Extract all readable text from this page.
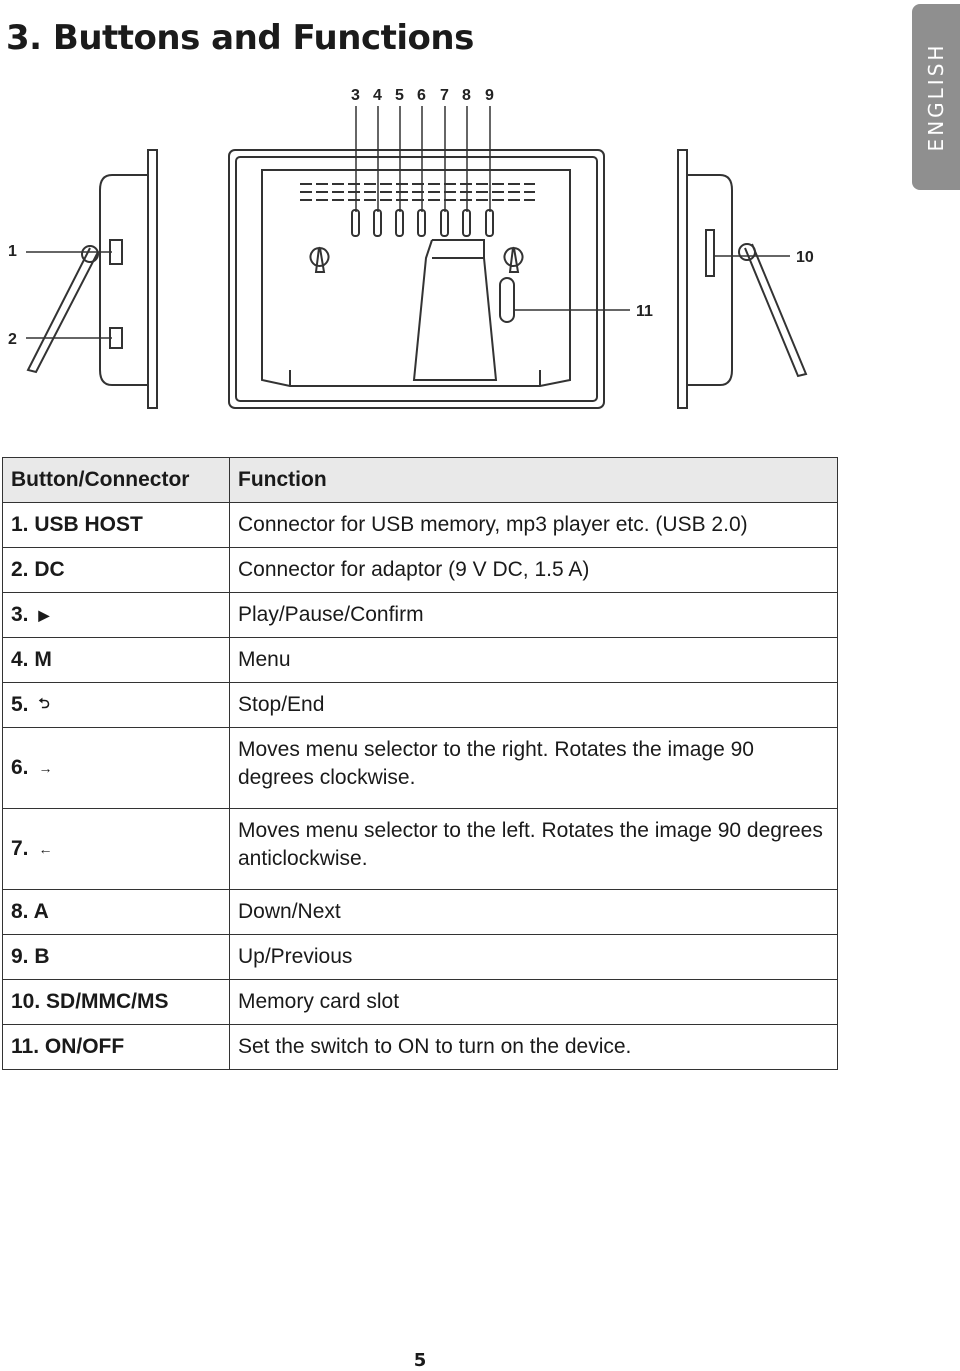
3. Buttons and Functions
ENGLISH
1
2
3 4 5 6 7 8 9
10
11
Button/Connector	Function
1. USB HOST	Connector for USB memory, mp3 player etc. (USB 2.0)
2. DC	Connector for adaptor (9 V DC, 1.5 A)
3. ▶	Play/Pause/Confirm
4. M	Menu
5. ⮌	Stop/End
6. →	Moves menu selector to the right. Rotates the image 90 degrees clockwise.
7. ←	Moves menu selector to the left. Rotates the image 90 degrees anticlockwise.
8. A	Down/Next
9. B	Up/Previous
10. SD/MMC/MS	Memory card slot
11. ON/OFF	Set the switch to ON to turn on the device.
5
